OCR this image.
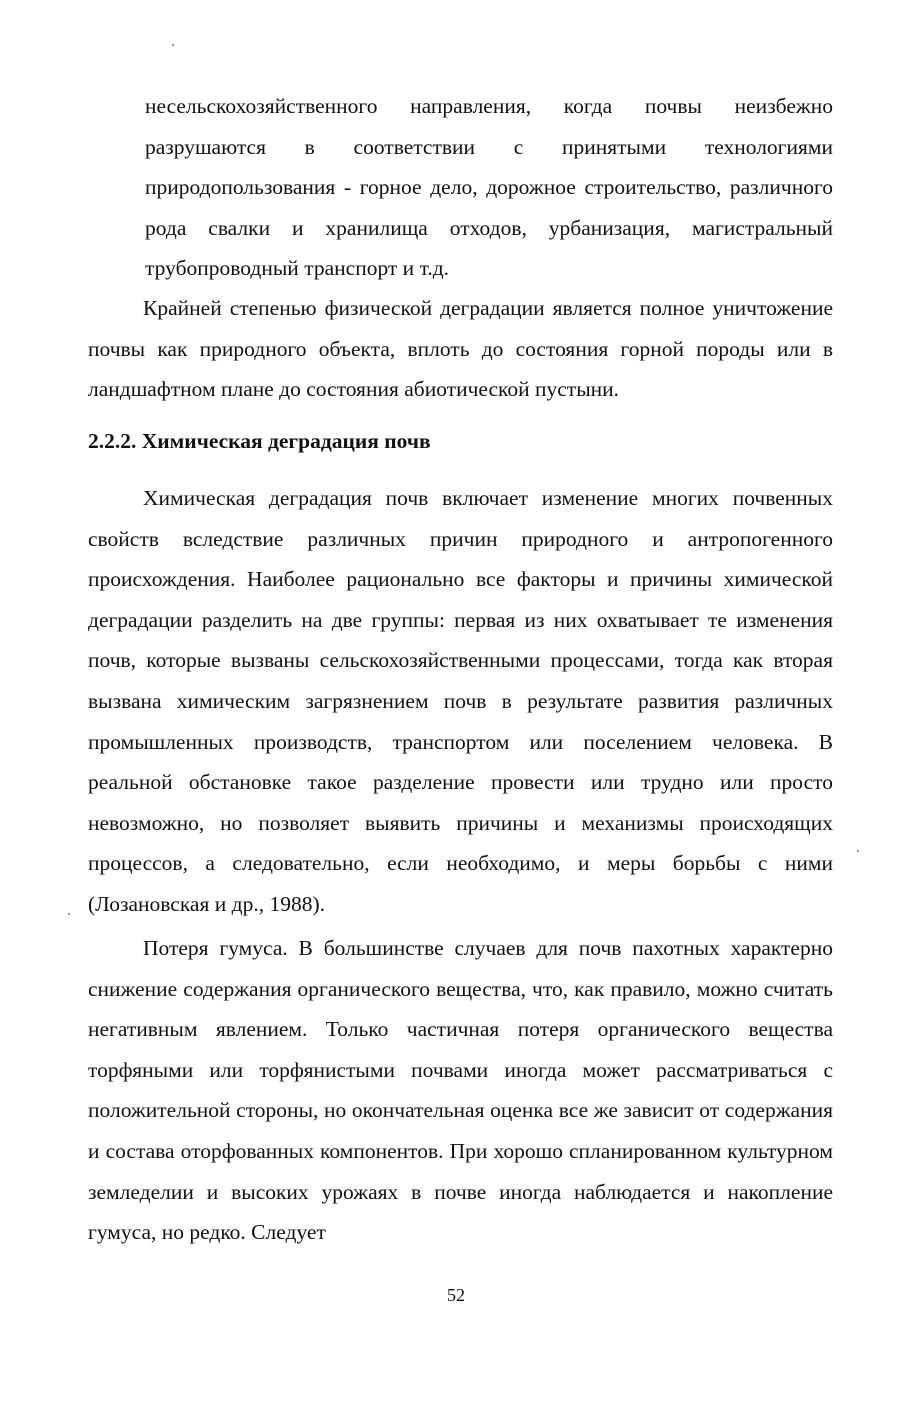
несельскохозяйственного направления, когда почвы неизбежно разрушаются в соответствии с принятыми технологиями природопользования - горное дело, дорожное строительство, различного рода свалки и хранилища отходов, урбанизация, магистральный трубопроводный транспорт и т.д.

Крайней степенью физической деградации является полное уничтожение почвы как природного объекта, вплоть до состояния горной породы или в ландшафтном плане до состояния абиотической пустыни.

2.2.2. Химическая деградация почв

Химическая деградация почв включает изменение многих почвенных свойств вследствие различных причин природного и антропогенного происхождения. Наиболее рационально все факторы и причины химической деградации разделить на две группы: первая из них охватывает те изменения почв, которые вызваны сельскохозяйственными процессами, тогда как вторая вызвана химическим загрязнением почв в результате развития различных промышленных производств, транспортом или поселением человека. В реальной обстановке такое разделение провести или трудно или просто невозможно, но позволяет выявить причины и механизмы происходящих процессов, а следовательно, если необходимо, и меры борьбы с ними (Лозановская и др., 1988).

Потеря гумуса. В большинстве случаев для почв пахотных характерно снижение содержания органического вещества, что, как правило, можно считать негативным явлением. Только частичная потеря органического вещества торфяными или торфянистыми почвами иногда может рассматриваться с положительной стороны, но окончательная оценка все же зависит от содержания и состава оторфованных компонентов. При хорошо спланированном культурном земледелии и высоких урожаях в почве иногда наблюдается и накопление гумуса, но редко. Следует

52
